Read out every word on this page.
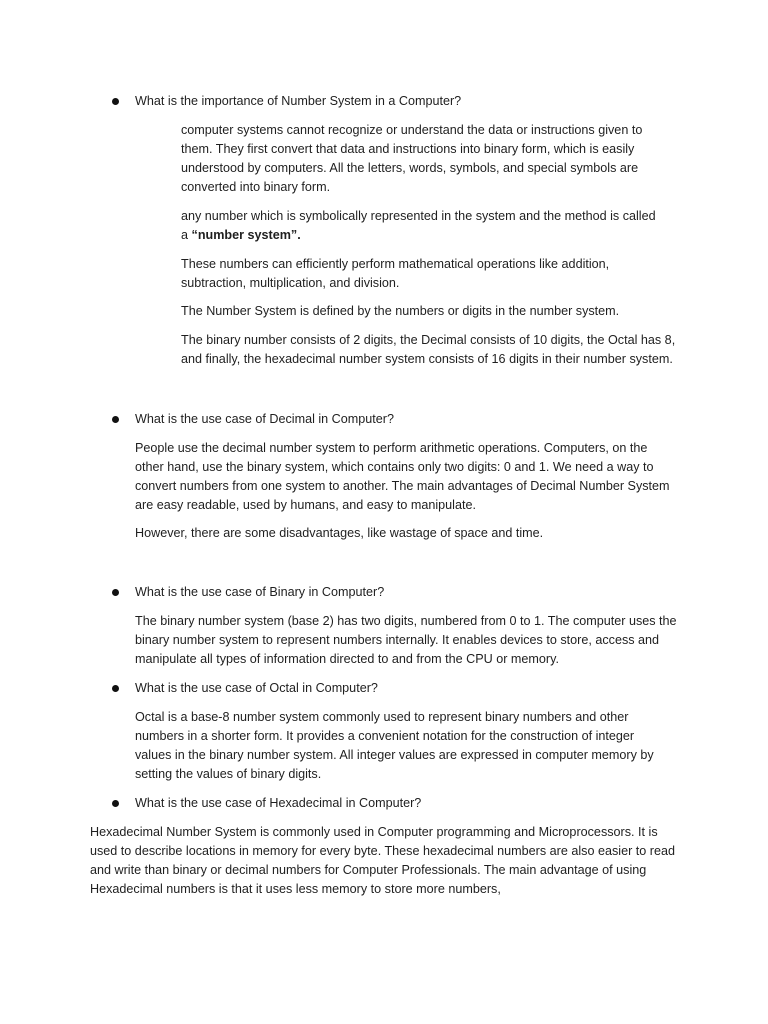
What is the importance of Number System in a Computer?

computer systems cannot recognize or understand the data or instructions given to them. They first convert that data and instructions into binary form, which is easily understood by computers. All the letters, words, symbols, and special symbols are converted into binary form.

any number which is symbolically represented in the system and the method is called a “number system”.

These numbers can efficiently perform mathematical operations like addition, subtraction, multiplication, and division.

The Number System is defined by the numbers or digits in the number system.

The binary number consists of 2 digits, the Decimal consists of 10 digits, the Octal has 8, and finally, the hexadecimal number system consists of 16 digits in their number system.

What is the use case of Decimal in Computer?

People use the decimal number system to perform arithmetic operations. Computers, on the other hand, use the binary system, which contains only two digits: 0 and 1. We need a way to convert numbers from one system to another. The main advantages of Decimal Number System are easy readable, used by humans, and easy to manipulate.

However, there are some disadvantages, like wastage of space and time.

What is the use case of Binary in Computer?

The binary number system (base 2) has two digits, numbered from 0 to 1. The computer uses the binary number system to represent numbers internally. It enables devices to store, access and manipulate all types of information directed to and from the CPU or memory.

What is the use case of Octal in Computer?

Octal is a base-8 number system commonly used to represent binary numbers and other numbers in a shorter form. It provides a convenient notation for the construction of integer values in the binary number system. All integer values are expressed in computer memory by setting the values of binary digits.

What is the use case of Hexadecimal in Computer?

Hexadecimal Number System is commonly used in Computer programming and Microprocessors. It is used to describe locations in memory for every byte. These hexadecimal numbers are also easier to read and write than binary or decimal numbers for Computer Professionals. The main advantage of using Hexadecimal numbers is that it uses less memory to store more numbers,
